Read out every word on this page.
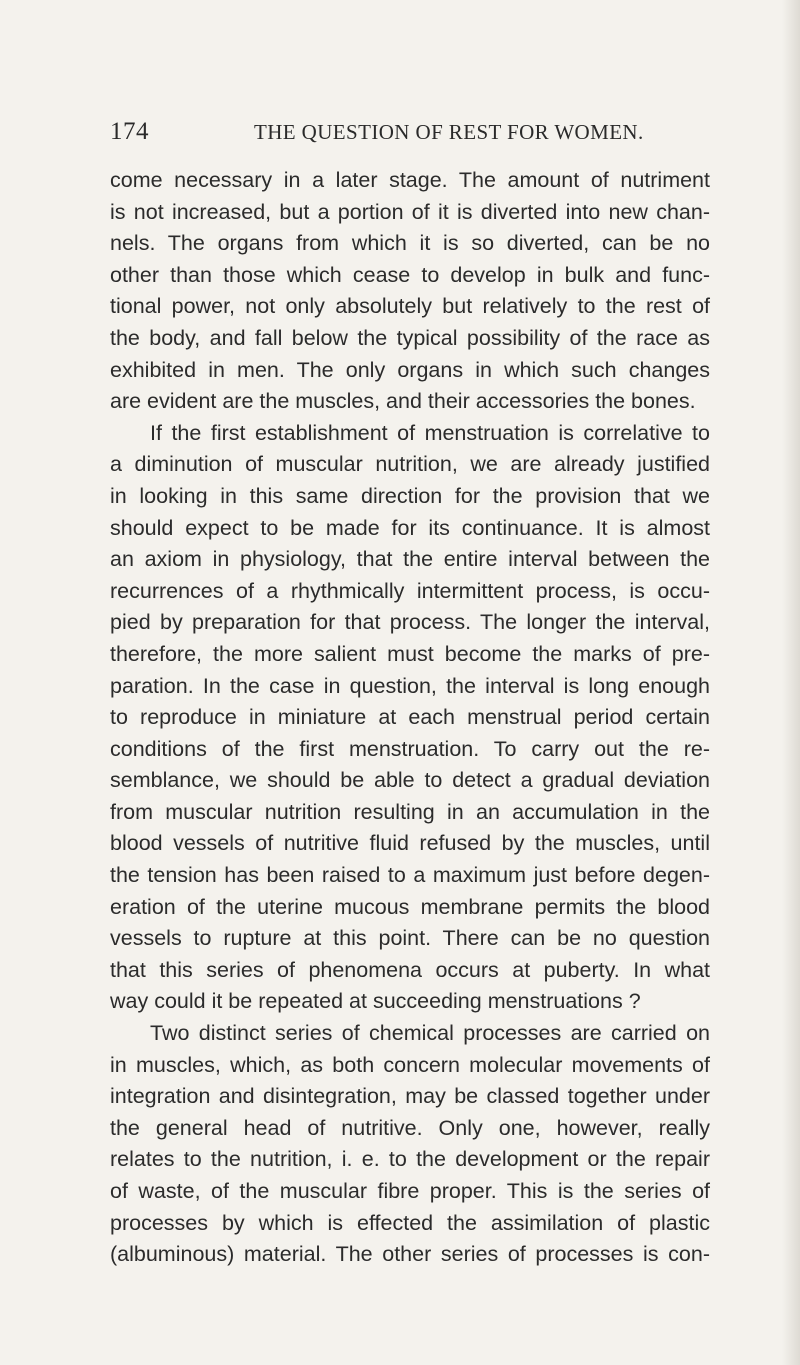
174	THE QUESTION OF REST FOR WOMEN.
come necessary in a later stage. The amount of nutriment
is not increased, but a portion of it is diverted into new chan-
nels. The organs from which it is so diverted, can be no
other than those which cease to develop in bulk and func-
tional power, not only absolutely but relatively to the rest of
the body, and fall below the typical possibility of the race as
exhibited in men. The only organs in which such changes
are evident are the muscles, and their accessories the bones.
If the first establishment of menstruation is correlative to
a diminution of muscular nutrition, we are already justified
in looking in this same direction for the provision that we
should expect to be made for its continuance. It is almost
an axiom in physiology, that the entire interval between the
recurrences of a rhythmically intermittent process, is occu-
pied by preparation for that process. The longer the interval,
therefore, the more salient must become the marks of pre-
paration. In the case in question, the interval is long enough
to reproduce in miniature at each menstrual period certain
conditions of the first menstruation. To carry out the re-
semblance, we should be able to detect a gradual deviation
from muscular nutrition resulting in an accumulation in the
blood vessels of nutritive fluid refused by the muscles, until
the tension has been raised to a maximum just before degen-
eration of the uterine mucous membrane permits the blood
vessels to rupture at this point. There can be no question
that this series of phenomena occurs at puberty. In what
way could it be repeated at succeeding menstruations ?
Two distinct series of chemical processes are carried on
in muscles, which, as both concern molecular movements of
integration and disintegration, may be classed together under
the general head of nutritive. Only one, however, really
relates to the nutrition, i. e. to the development or the repair
of waste, of the muscular fibre proper. This is the series of
processes by which is effected the assimilation of plastic
(albuminous) material. The other series of processes is con-
